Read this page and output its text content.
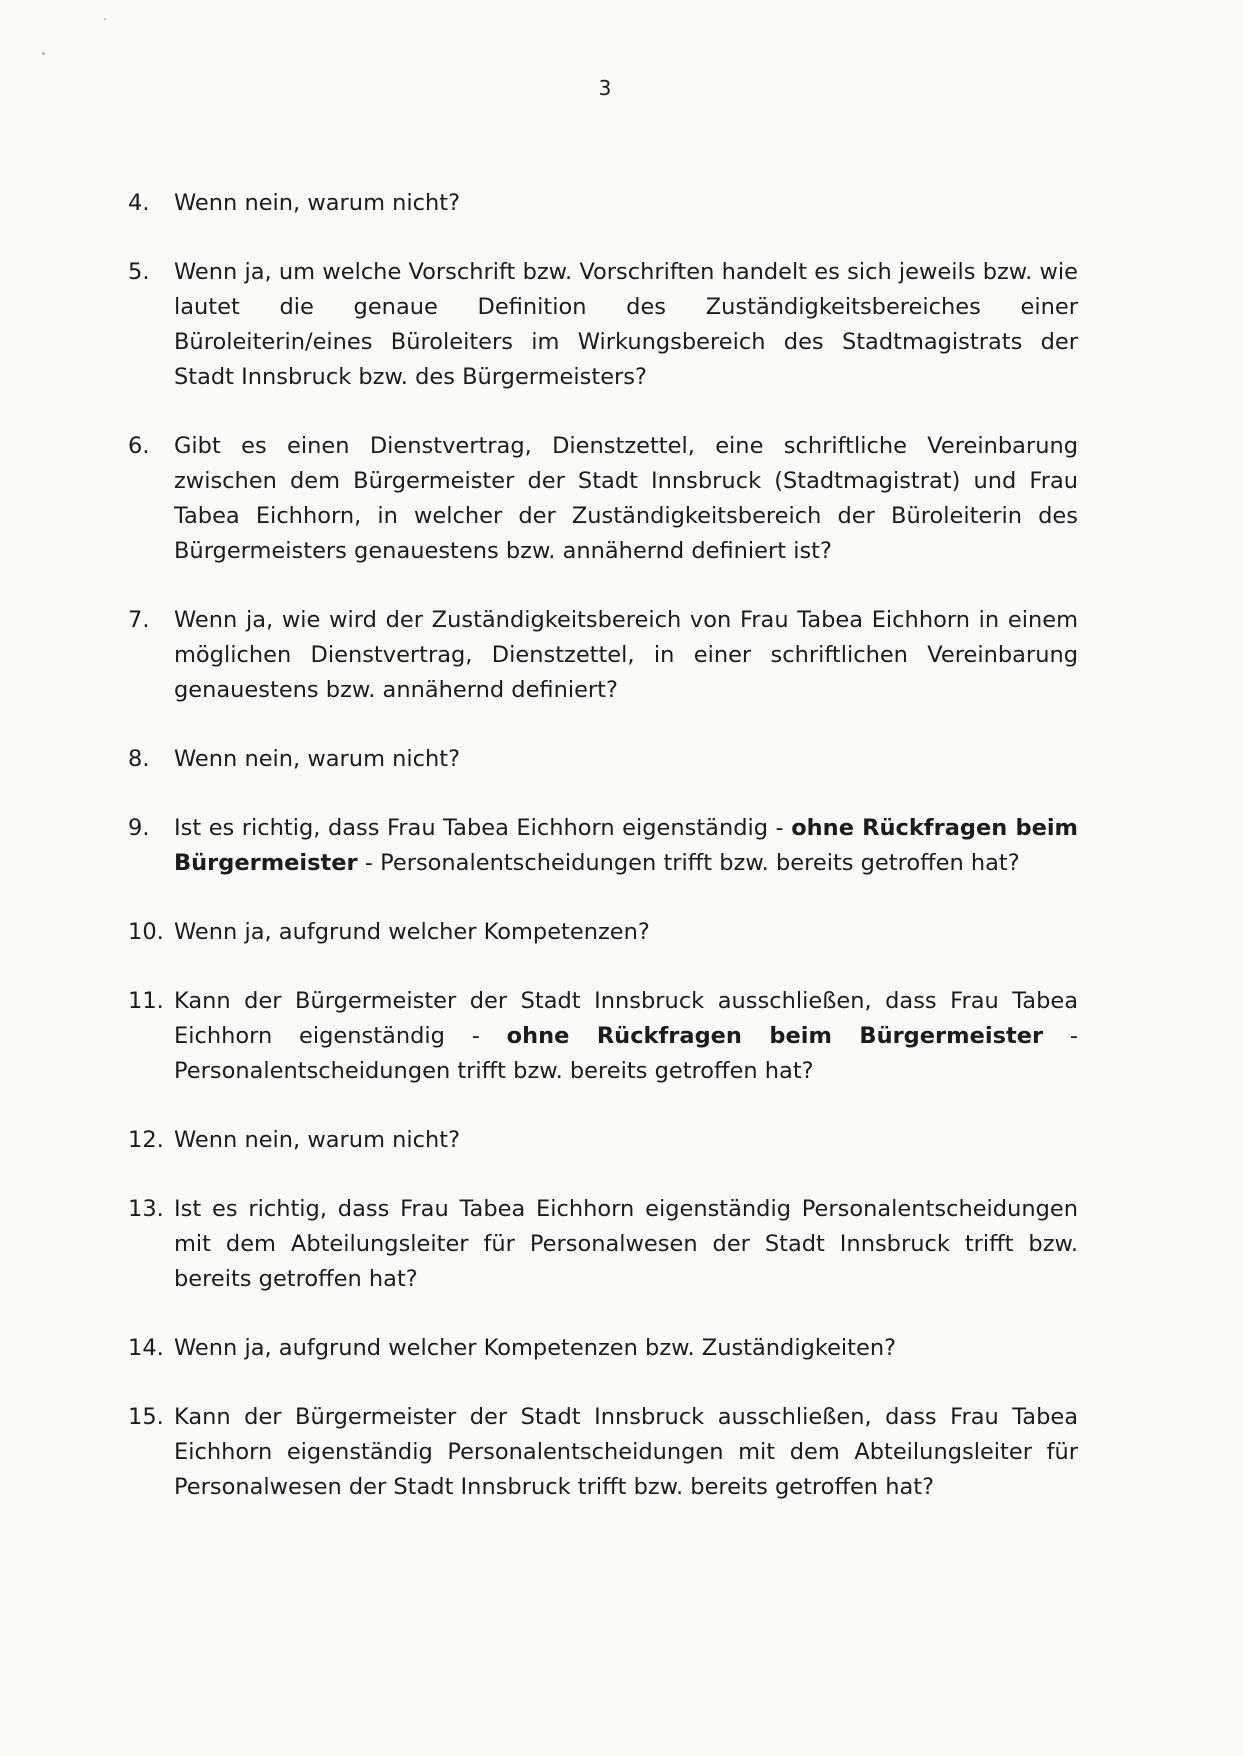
3
4.	Wenn nein, warum nicht?
5.	Wenn ja, um welche Vorschrift bzw. Vorschriften handelt es sich jeweils bzw. wie lautet die genaue Definition des Zuständigkeitsbereiches einer Büroleiterin/eines Büroleiters im Wirkungsbereich des Stadtmagistrats der Stadt Innsbruck bzw. des Bürgermeisters?
6.	Gibt es einen Dienstvertrag, Dienstzettel, eine schriftliche Vereinbarung zwischen dem Bürgermeister der Stadt Innsbruck (Stadtmagistrat) und Frau Tabea Eichhorn, in welcher der Zuständigkeitsbereich der Büroleiterin des Bürgermeisters genauestens bzw. annähernd definiert ist?
7.	Wenn ja, wie wird der Zuständigkeitsbereich von Frau Tabea Eichhorn in einem möglichen Dienstvertrag, Dienstzettel, in einer schriftlichen Vereinbarung genauestens bzw. annähernd definiert?
8.	Wenn nein, warum nicht?
9.	Ist es richtig, dass Frau Tabea Eichhorn eigenständig - ohne Rückfragen beim Bürgermeister - Personalentscheidungen trifft bzw. bereits getroffen hat?
10. Wenn ja, aufgrund welcher Kompetenzen?
11. Kann der Bürgermeister der Stadt Innsbruck ausschließen, dass Frau Tabea Eichhorn eigenständig - ohne Rückfragen beim Bürgermeister - Personalentscheidungen trifft bzw. bereits getroffen hat?
12. Wenn nein, warum nicht?
13. Ist es richtig, dass Frau Tabea Eichhorn eigenständig Personalentscheidungen mit dem Abteilungsleiter für Personalwesen der Stadt Innsbruck trifft bzw. bereits getroffen hat?
14. Wenn ja, aufgrund welcher Kompetenzen bzw. Zuständigkeiten?
15. Kann der Bürgermeister der Stadt Innsbruck ausschließen, dass Frau Tabea Eichhorn eigenständig Personalentscheidungen mit dem Abteilungsleiter für Personalwesen der Stadt Innsbruck trifft bzw. bereits getroffen hat?
